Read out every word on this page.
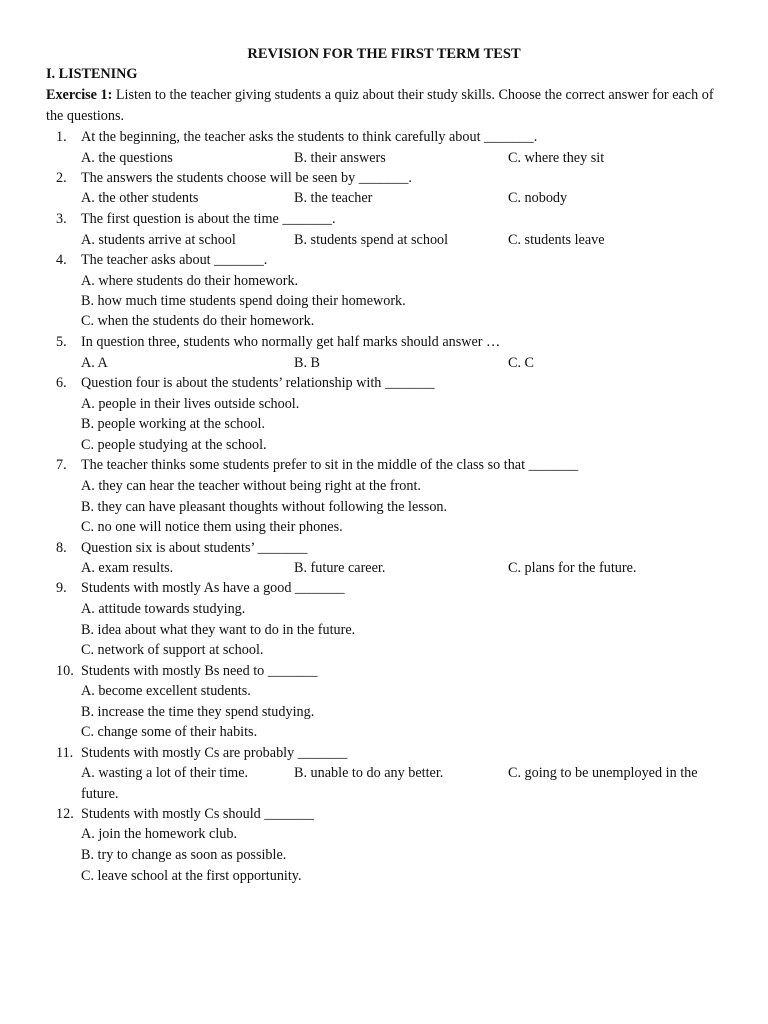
REVISION FOR THE FIRST TERM TEST
I. LISTENING
Exercise 1: Listen to the teacher giving students a quiz about their study skills. Choose the correct answer for each of the questions.
1.	At the beginning, the teacher asks the students to think carefully about _______.
A. the questions	B. their answers	C. where they sit
2.	The answers the students choose will be seen by _______.
A. the other students	B. the teacher	C. nobody
3.	The first question is about the time _______.
A. students arrive at school	B. students spend at school	C. students leave
4.	The teacher asks about _______.
A. where students do their homework.
B. how much time students spend doing their homework.
C. when the students do their homework.
5.	In question three, students who normally get half marks should answer …
A. A	B. B	C. C
6.	Question four is about the students’ relationship with _______
A. people in their lives outside school.
B. people working at the school.
C. people studying at the school.
7.	The teacher thinks some students prefer to sit in the middle of the class so that _______
A. they can hear the teacher without being right at the front.
B. they can have pleasant thoughts without following the lesson.
C. no one will notice them using their phones.
8.	Question six is about students’ _______
A. exam results.	B. future career.	C. plans for the future.
9.	Students with mostly As have a good _______
A. attitude towards studying.
B. idea about what they want to do in the future.
C. network of support at school.
10. Students with mostly Bs need to _______
A. become excellent students.
B. increase the time they spend studying.
C. change some of their habits.
11. Students with mostly Cs are probably _______
A. wasting a lot of their time.	B. unable to do any better.	C. going to be unemployed in the
future.
12. Students with mostly Cs should _______
A. join the homework club.
B. try to change as soon as possible.
C. leave school at the first opportunity.
